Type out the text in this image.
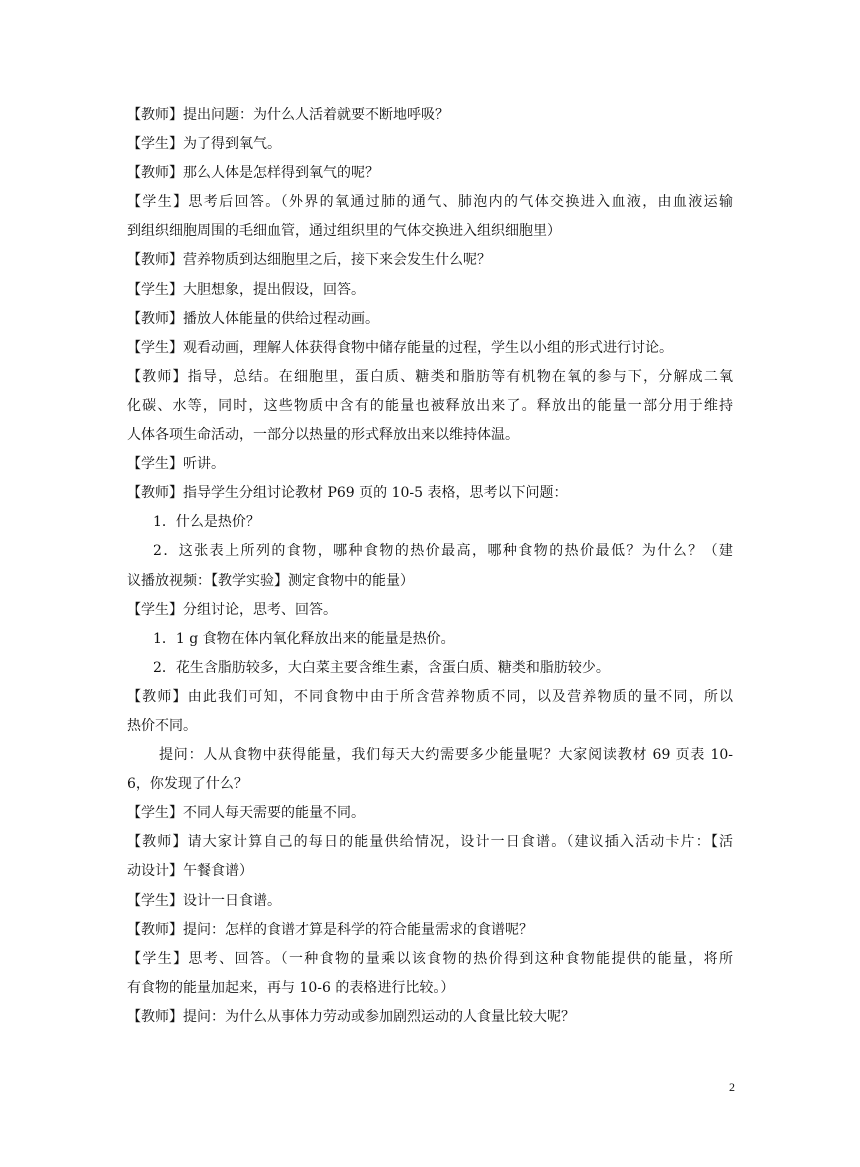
【教师】提出问题：为什么人活着就要不断地呼吸？
【学生】为了得到氧气。
【教师】那么人体是怎样得到氧气的呢？
【学生】思考后回答。（外界的氧通过肺的通气、肺泡内的气体交换进入血液，由血液运输
到组织细胞周围的毛细血管，通过组织里的气体交换进入组织细胞里）
【教师】营养物质到达细胞里之后，接下来会发生什么呢？
【学生】大胆想象，提出假设，回答。
【教师】播放人体能量的供给过程动画。
【学生】观看动画，理解人体获得食物中储存能量的过程，学生以小组的形式进行讨论。
【教师】指导，总结。在细胞里，蛋白质、糖类和脂肪等有机物在氧的参与下，分解成二氧
化碳、水等，同时，这些物质中含有的能量也被释放出来了。释放出的能量一部分用于维持
人体各项生命活动，一部分以热量的形式释放出来以维持体温。
【学生】听讲。
【教师】指导学生分组讨论教材 P69 页的 10-5 表格，思考以下问题：
1．什么是热价？
2．这张表上所列的食物，哪种食物的热价最高，哪种食物的热价最低？为什么？（建
议播放视频：【教学实验】测定食物中的能量）
【学生】分组讨论，思考、回答。
1．1 g 食物在体内氧化释放出来的能量是热价。
2．花生含脂肪较多，大白菜主要含维生素，含蛋白质、糖类和脂肪较少。
【教师】由此我们可知，不同食物中由于所含营养物质不同，以及营养物质的量不同，所以
热价不同。
提问：人从食物中获得能量，我们每天大约需要多少能量呢？大家阅读教材 69 页表 10-
6，你发现了什么？
【学生】不同人每天需要的能量不同。
【教师】请大家计算自己的每日的能量供给情况，设计一日食谱。（建议插入活动卡片：【活
动设计】午餐食谱）
【学生】设计一日食谱。
【教师】提问：怎样的食谱才算是科学的符合能量需求的食谱呢？
【学生】思考、回答。（一种食物的量乘以该食物的热价得到这种食物能提供的能量，将所
有食物的能量加起来，再与 10-6 的表格进行比较。）
【教师】提问：为什么从事体力劳动或参加剧烈运动的人食量比较大呢？
2
